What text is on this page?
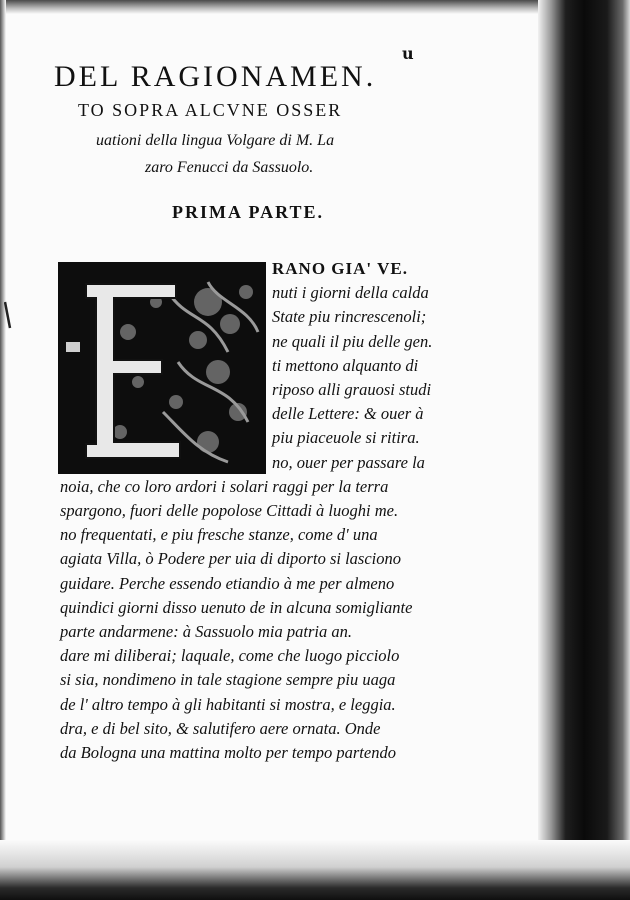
u
DEL RAGIONAMEN.
TO SOPRA ALCVNE OSSER
uationi della lingua Volgare di M. La
zaro Fenucci da Sassuolo.
PRIMA PARTE.
RANO GIA' VE.
nuti i giorni della calda
State piu rincrescenoli;
ne quali il piu delle gen.
ti mettono alquanto di
riposo alli grauosi studi
delle Lettere: & ouer à
piu piaceuole si ritira.
no, ouer per passare la
noia, che co loro ardori i solari raggi per la terra
spargono, fuori delle popolose Cittadi à luoghi me.
no frequentati, e piu fresche stanze, come d' una
agiata Villa, ò Podere per uia di diporto si lasciono
guidare. Perche essendo etiandio à me per almeno
quindici giorni disso uenuto de in alcuna somigliante
parte andarmene: à Sassuolo mia patria an.
dare mi diliberai; laquale, come che luogo picciolo
si sia, nondimeno in tale stagione sempre piu uaga
de l' altro tempo à gli habitanti si mostra, e leggia.
dra, e di bel sito, & salutifero aere ornata. Onde
da Bologna una mattina molto per tempo partendo
